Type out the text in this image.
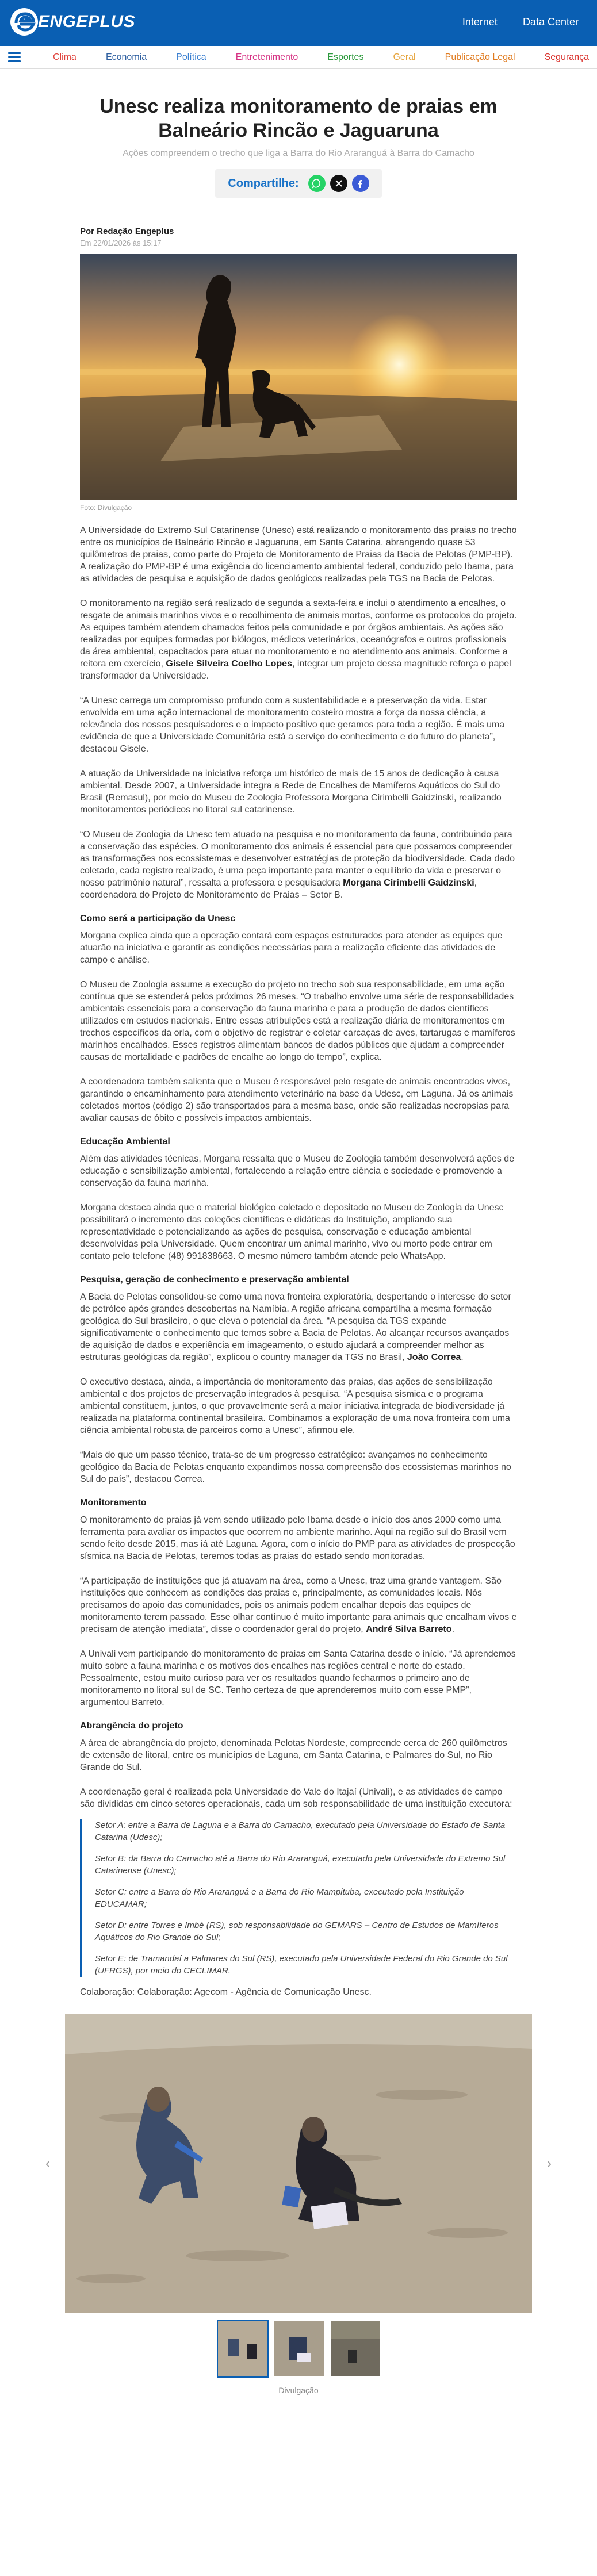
ENGEPLUS	Internet Data Center
Clima	Economia	Política	Entretenimento	Esportes	Geral	Publicação Legal	Segurança
Unesc realiza monitoramento de praias em Balneário Rincão e Jaguaruna
Ações compreendem o trecho que liga a Barra do Rio Araranguá à Barra do Camacho
Compartilhe:
Por Redação Engeplus
Em 22/01/2026 às 15:17
Foto: Divulgação

A Universidade do Extremo Sul Catarinense (Unesc) está realizando o monitoramento das praias no trecho entre os municípios de Balneário Rincão e Jaguaruna, em Santa Catarina, abrangendo quase 53 quilômetros de praias, como parte do Projeto de Monitoramento de Praias da Bacia de Pelotas (PMP-BP). A realização do PMP-BP é uma exigência do licenciamento ambiental federal, conduzido pelo Ibama, para as atividades de pesquisa e aquisição de dados geológicos realizadas pela TGS na Bacia de Pelotas.

O monitoramento na região será realizado de segunda a sexta-feira e inclui o atendimento a encalhes, o resgate de animais marinhos vivos e o recolhimento de animais mortos, conforme os protocolos do projeto. As equipes também atendem chamados feitos pela comunidade e por órgãos ambientais. As ações são realizadas por equipes formadas por biólogos, médicos veterinários, oceanógrafos e outros profissionais da área ambiental, capacitados para atuar no monitoramento e no atendimento aos animais. Conforme a reitora em exercício, Gisele Silveira Coelho Lopes, integrar um projeto dessa magnitude reforça o papel transformador da Universidade.

“A Unesc carrega um compromisso profundo com a sustentabilidade e a preservação da vida. Estar envolvida em uma ação internacional de monitoramento costeiro mostra a força da nossa ciência, a relevância dos nossos pesquisadores e o impacto positivo que geramos para toda a região. É mais uma evidência de que a Universidade Comunitária está a serviço do conhecimento e do futuro do planeta”, destacou Gisele.

A atuação da Universidade na iniciativa reforça um histórico de mais de 15 anos de dedicação à causa ambiental. Desde 2007, a Universidade integra a Rede de Encalhes de Mamíferos Aquáticos do Sul do Brasil (Remasul), por meio do Museu de Zoologia Professora Morgana Cirimbelli Gaidzinski, realizando monitoramentos periódicos no litoral sul catarinense.

“O Museu de Zoologia da Unesc tem atuado na pesquisa e no monitoramento da fauna, contribuindo para a conservação das espécies. O monitoramento dos animais é essencial para que possamos compreender as transformações nos ecossistemas e desenvolver estratégias de proteção da biodiversidade. Cada dado coletado, cada registro realizado, é uma peça importante para manter o equilíbrio da vida e preservar o nosso patrimônio natural”, ressalta a professora e pesquisadora Morgana Cirimbelli Gaidzinski, coordenadora do Projeto de Monitoramento de Praias – Setor B.

Como será a participação da Unesc

Morgana explica ainda que a operação contará com espaços estruturados para atender as equipes que atuarão na iniciativa e garantir as condições necessárias para a realização eficiente das atividades de campo e análise.

O Museu de Zoologia assume a execução do projeto no trecho sob sua responsabilidade, em uma ação contínua que se estenderá pelos próximos 26 meses. “O trabalho envolve uma série de responsabilidades ambientais essenciais para a conservação da fauna marinha e para a produção de dados científicos utilizados em estudos nacionais. Entre essas atribuições está a realização diária de monitoramentos em trechos específicos da orla, com o objetivo de registrar e coletar carcaças de aves, tartarugas e mamíferos marinhos encalhados. Esses registros alimentam bancos de dados públicos que ajudam a compreender causas de mortalidade e padrões de encalhe ao longo do tempo”, explica.

A coordenadora também salienta que o Museu é responsável pelo resgate de animais encontrados vivos, garantindo o encaminhamento para atendimento veterinário na base da Udesc, em Laguna. Já os animais coletados mortos (código 2) são transportados para a mesma base, onde são realizadas necropsias para avaliar causas de óbito e possíveis impactos ambientais.

Educação Ambiental

Além das atividades técnicas, Morgana ressalta que o Museu de Zoologia também desenvolverá ações de educação e sensibilização ambiental, fortalecendo a relação entre ciência e sociedade e promovendo a conservação da fauna marinha.

Morgana destaca ainda que o material biológico coletado e depositado no Museu de Zoologia da Unesc possibilitará o incremento das coleções científicas e didáticas da Instituição, ampliando sua representatividade e potencializando as ações de pesquisa, conservação e educação ambiental desenvolvidas pela Universidade. Quem encontrar um animal marinho, vivo ou morto pode entrar em contato pelo telefone (48) 991838663. O mesmo número também atende pelo WhatsApp.

Pesquisa, geração de conhecimento e preservação ambiental

A Bacia de Pelotas consolidou-se como uma nova fronteira exploratória, despertando o interesse do setor de petróleo após grandes descobertas na Namíbia. A região africana compartilha a mesma formação geológica do Sul brasileiro, o que eleva o potencial da área. “A pesquisa da TGS expande significativamente o conhecimento que temos sobre a Bacia de Pelotas. Ao alcançar recursos avançados de aquisição de dados e experiência em imageamento, o estudo ajudará a compreender melhor as estruturas geológicas da região”, explicou o country manager da TGS no Brasil, João Correa.

O executivo destaca, ainda, a importância do monitoramento das praias, das ações de sensibilização ambiental e dos projetos de preservação integrados à pesquisa. “A pesquisa sísmica e o programa ambiental constituem, juntos, o que provavelmente será a maior iniciativa integrada de biodiversidade já realizada na plataforma continental brasileira. Combinamos a exploração de uma nova fronteira com uma ciência ambiental robusta de parceiros como a Unesc”, afirmou ele.

“Mais do que um passo técnico, trata-se de um progresso estratégico: avançamos no conhecimento geológico da Bacia de Pelotas enquanto expandimos nossa compreensão dos ecossistemas marinhos no Sul do país”, destacou Correa.

Monitoramento

O monitoramento de praias já vem sendo utilizado pelo Ibama desde o início dos anos 2000 como uma ferramenta para avaliar os impactos que ocorrem no ambiente marinho. Aqui na região sul do Brasil vem sendo feito desde 2015, mas iá até Laguna. Agora, com o início do PMP para as atividades de prospecção sísmica na Bacia de Pelotas, teremos todas as praias do estado sendo monitoradas.

“A participação de instituições que já atuavam na área, como a Unesc, traz uma grande vantagem. São instituições que conhecem as condições das praias e, principalmente, as comunidades locais. Nós precisamos do apoio das comunidades, pois os animais podem encalhar depois das equipes de monitoramento terem passado. Esse olhar contínuo é muito importante para animais que encalham vivos e precisam de atenção imediata”, disse o coordenador geral do projeto, André Silva Barreto.

A Univali vem participando do monitoramento de praias em Santa Catarina desde o início. “Já aprendemos muito sobre a fauna marinha e os motivos dos encalhes nas regiões central e norte do estado. Pessoalmente, estou muito curioso para ver os resultados quando fecharmos o primeiro ano de monitoramento no litoral sul de SC. Tenho certeza de que aprenderemos muito com esse PMP”, argumentou Barreto.

Abrangência do projeto

A área de abrangência do projeto, denominada Pelotas Nordeste, compreende cerca de 260 quilômetros de extensão de litoral, entre os municípios de Laguna, em Santa Catarina, e Palmares do Sul, no Rio Grande do Sul.

A coordenação geral é realizada pela Universidade do Vale do Itajaí (Univali), e as atividades de campo são divididas em cinco setores operacionais, cada um sob responsabilidade de uma instituição executora:

Setor A: entre a Barra de Laguna e a Barra do Camacho, executado pela Universidade do Estado de Santa Catarina (Udesc);

Setor B: da Barra do Camacho até a Barra do Rio Araranguá, executado pela Universidade do Extremo Sul Catarinense (Unesc);

Setor C: entre a Barra do Rio Araranguá e a Barra do Rio Mampituba, executado pela Instituição EDUCAMAR;

Setor D: entre Torres e Imbé (RS), sob responsabilidade do GEMARS – Centro de Estudos de Mamíferos Aquáticos do Rio Grande do Sul;

Setor E: de Tramandaí a Palmares do Sul (RS), executado pela Universidade Federal do Rio Grande do Sul (UFRGS), por meio do CECLIMAR.

Colaboração: Colaboração: Agecom - Agência de Comunicação Unesc.

‹	›
Divulgação
